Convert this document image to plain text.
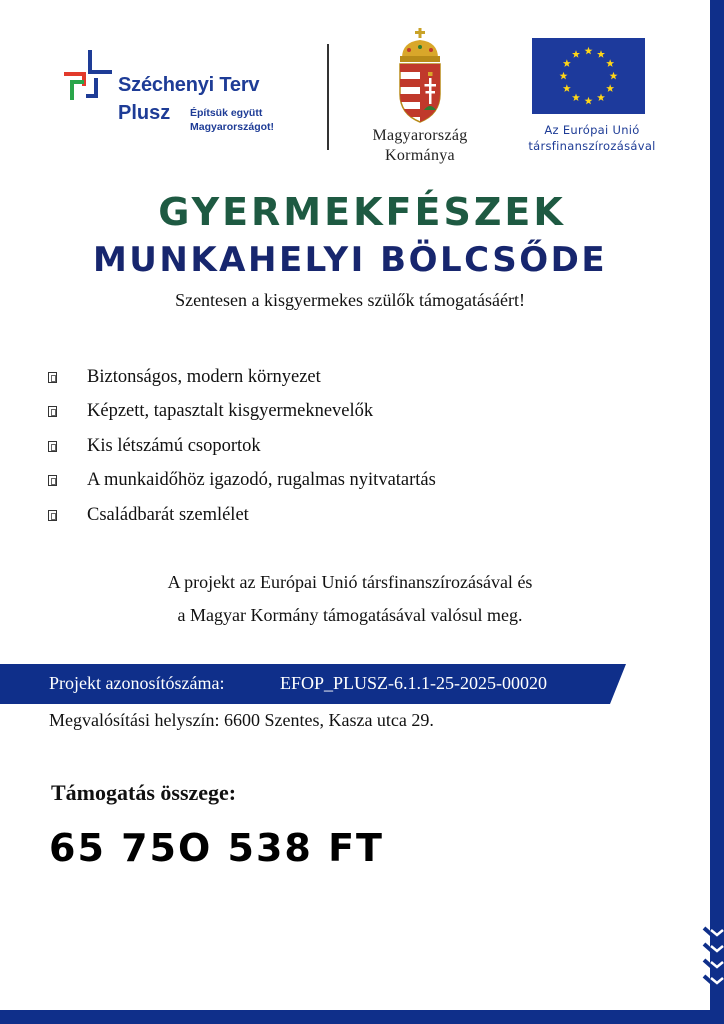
Széchenyi Terv
Plusz Építsük együtt
Magyarországot!	Magyarország
Kormánya
Az Európai Unió
társfinanszírozásával
GYERMEKFÉSZEK
MUNKAHELYI BÖLCSŐDE
Szentesen a kisgyermekes szülők támogatásáért!
Biztonságos, modern környezet
Képzett, tapasztalt kisgyermeknevelők
Kis létszámú csoportok
A munkaidőhöz igazodó, rugalmas nyitvatartás
Családbarát szemlélet
A projekt az Európai Unió társfinanszírozásával és
a Magyar Kormány támogatásával valósul meg.
Projekt azonosítószáma:	EFOP_PLUSZ-6.1.1-25-2025-00020
Megvalósítási helyszín: 6600 Szentes, Kasza utca 29.
Támogatás összege:
65 75O 538 FT
